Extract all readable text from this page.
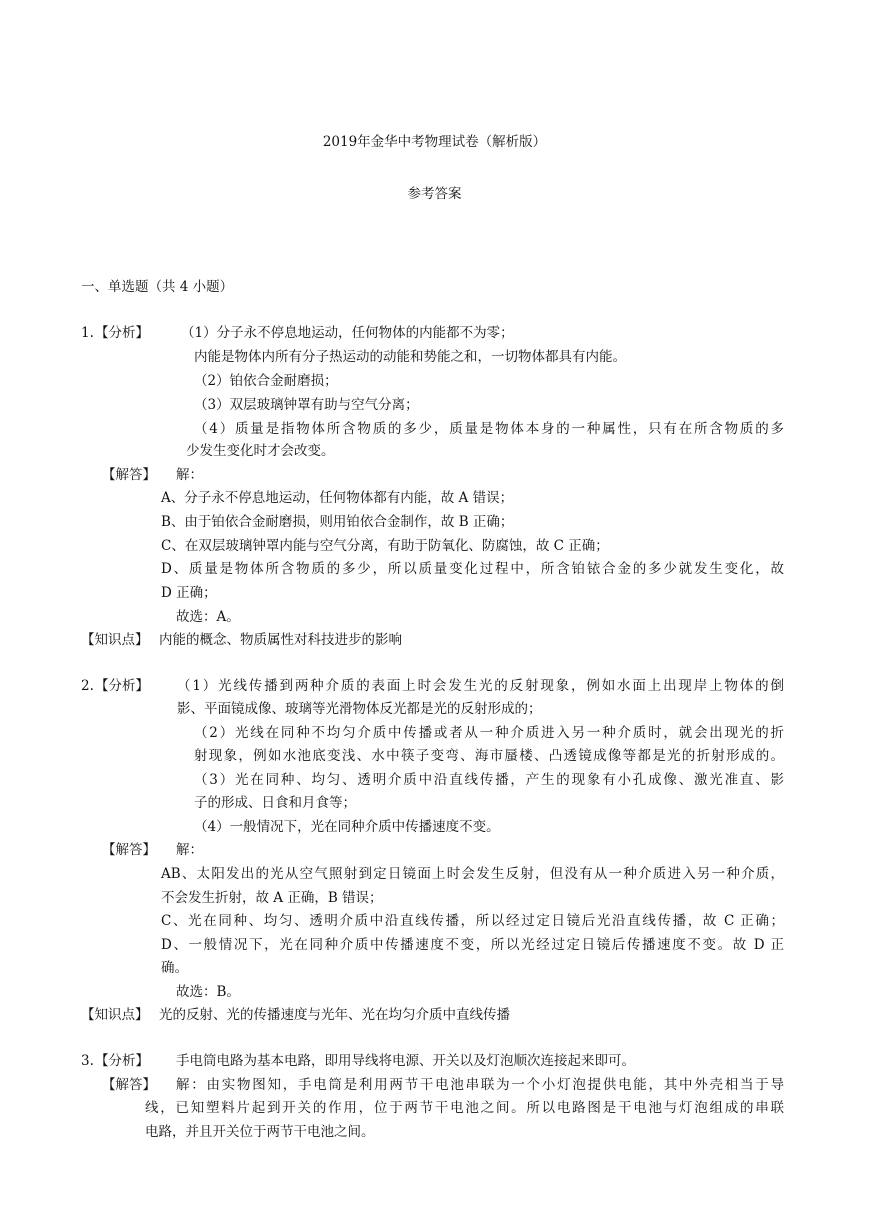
2019年金华中考物理试卷（解析版）
参考答案
一、单选题（共 4 小题）
1. 【分析】 （1）分子永不停息地运动，任何物体的内能都不为零；
内能是物体内所有分子热运动的动能和势能之和，一切物体都具有内能。
（2）铂依合金耐磨损；
（3）双层玻璃钟罩有助与空气分离；
（4）质量是指物体所含物质的多少，质量是物体本身的一种属性，只有在所含物质的多
少发生变化时才会改变。
【解答】 解：
A、分子永不停息地运动，任何物体都有内能，故 A 错误；
B、由于铂依合金耐磨损，则用铂依合金制作，故 B 正确；
C、在双层玻璃钟罩内能与空气分离，有助于防氧化、防腐蚀，故 C 正确；
D、质量是物体所含物质的多少，所以质量变化过程中，所含铂铱合金的多少就发生变化，故
D 正确；
故选：A。
【知识点】 内能的概念、物质属性对科技进步的影响
2. 【分析】 （1）光线传播到两种介质的表面上时会发生光的反射现象，例如水面上出现岸上物体的倒
影、平面镜成像、玻璃等光滑物体反光都是光的反射形成的；
（2）光线在同种不均匀介质中传播或者从一种介质进入另一种介质时，就会出现光的折
射现象，例如水池底变浅、水中筷子变弯、海市蜃楼、凸透镜成像等都是光的折射形成的。
（3）光在同种、均匀、透明介质中沿直线传播，产生的现象有小孔成像、激光准直、影
子的形成、日食和月食等；
（4）一般情况下，光在同种介质中传播速度不变。
【解答】 解：
AB、太阳发出的光从空气照射到定日镜面上时会发生反射，但没有从一种介质进入另一种介质，
不会发生折射，故 A 正确，B 错误；
C、光在同种、均匀、透明介质中沿直线传播，所以经过定日镜后光沿直线传播，故 C 正确；
D、一般情况下，光在同种介质中传播速度不变，所以光经过定日镜后传播速度不变。故 D 正
确。
故选：B。
【知识点】 光的反射、光的传播速度与光年、光在均匀介质中直线传播
3. 【分析】 手电筒电路为基本电路，即用导线将电源、开关以及灯泡顺次连接起来即可。
【解答】 解：由实物图知，手电筒是利用两节干电池串联为一个小灯泡提供电能，其中外壳相当于导
线，已知塑料片起到开关的作用，位于两节干电池之间。所以电路图是干电池与灯泡组成的串联
电路，并且开关位于两节干电池之间。
